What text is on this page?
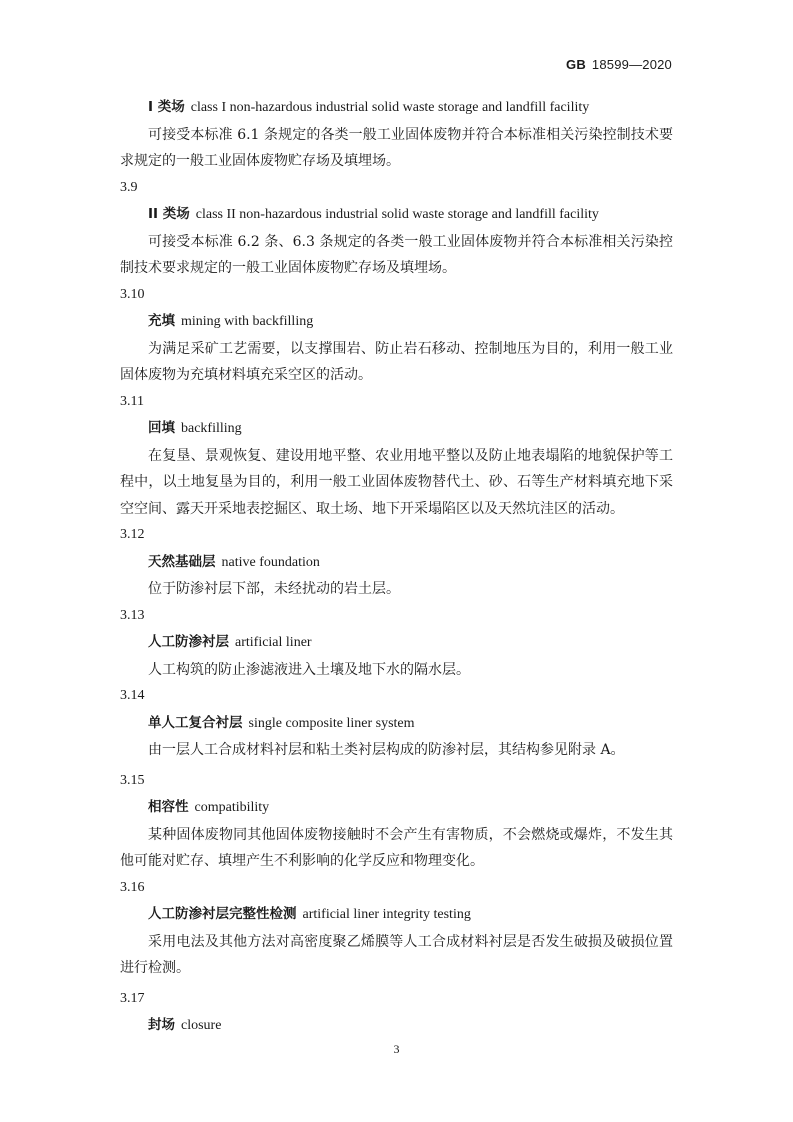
GB 18599—2020
I 类场 class I non-hazardous industrial solid waste storage and landfill facility
可接受本标准 6.1 条规定的各类一般工业固体废物并符合本标准相关污染控制技术要求规定的一般工业固体废物贮存场及填埋场。
3.9
II 类场 class II non-hazardous industrial solid waste storage and landfill facility
可接受本标准 6.2 条、6.3 条规定的各类一般工业固体废物并符合本标准相关污染控制技术要求规定的一般工业固体废物贮存场及填埋场。
3.10
充填 mining with backfilling
为满足采矿工艺需要，以支撑围岩、防止岩石移动、控制地压为目的，利用一般工业固体废物为充填材料填充采空区的活动。
3.11
回填 backfilling
在复垦、景观恢复、建设用地平整、农业用地平整以及防止地表塌陷的地貌保护等工程中，以土地复垦为目的，利用一般工业固体废物替代土、砂、石等生产材料填充地下采空空间、露天开采地表挖掘区、取土场、地下开采塌陷区以及天然坑洼区的活动。
3.12
天然基础层 native foundation
位于防渗衬层下部，未经扰动的岩土层。
3.13
人工防渗衬层 artificial liner
人工构筑的防止渗滤液进入土壤及地下水的隔水层。
3.14
单人工复合衬层 single composite liner system
由一层人工合成材料衬层和粘土类衬层构成的防渗衬层，其结构参见附录 A。
3.15
相容性 compatibility
某种固体废物同其他固体废物接触时不会产生有害物质，不会燃烧或爆炸，不发生其他可能对贮存、填埋产生不利影响的化学反应和物理变化。
3.16
人工防渗衬层完整性检测 artificial liner integrity testing
采用电法及其他方法对高密度聚乙烯膜等人工合成材料衬层是否发生破损及破损位置进行检测。
3.17
封场 closure
3
